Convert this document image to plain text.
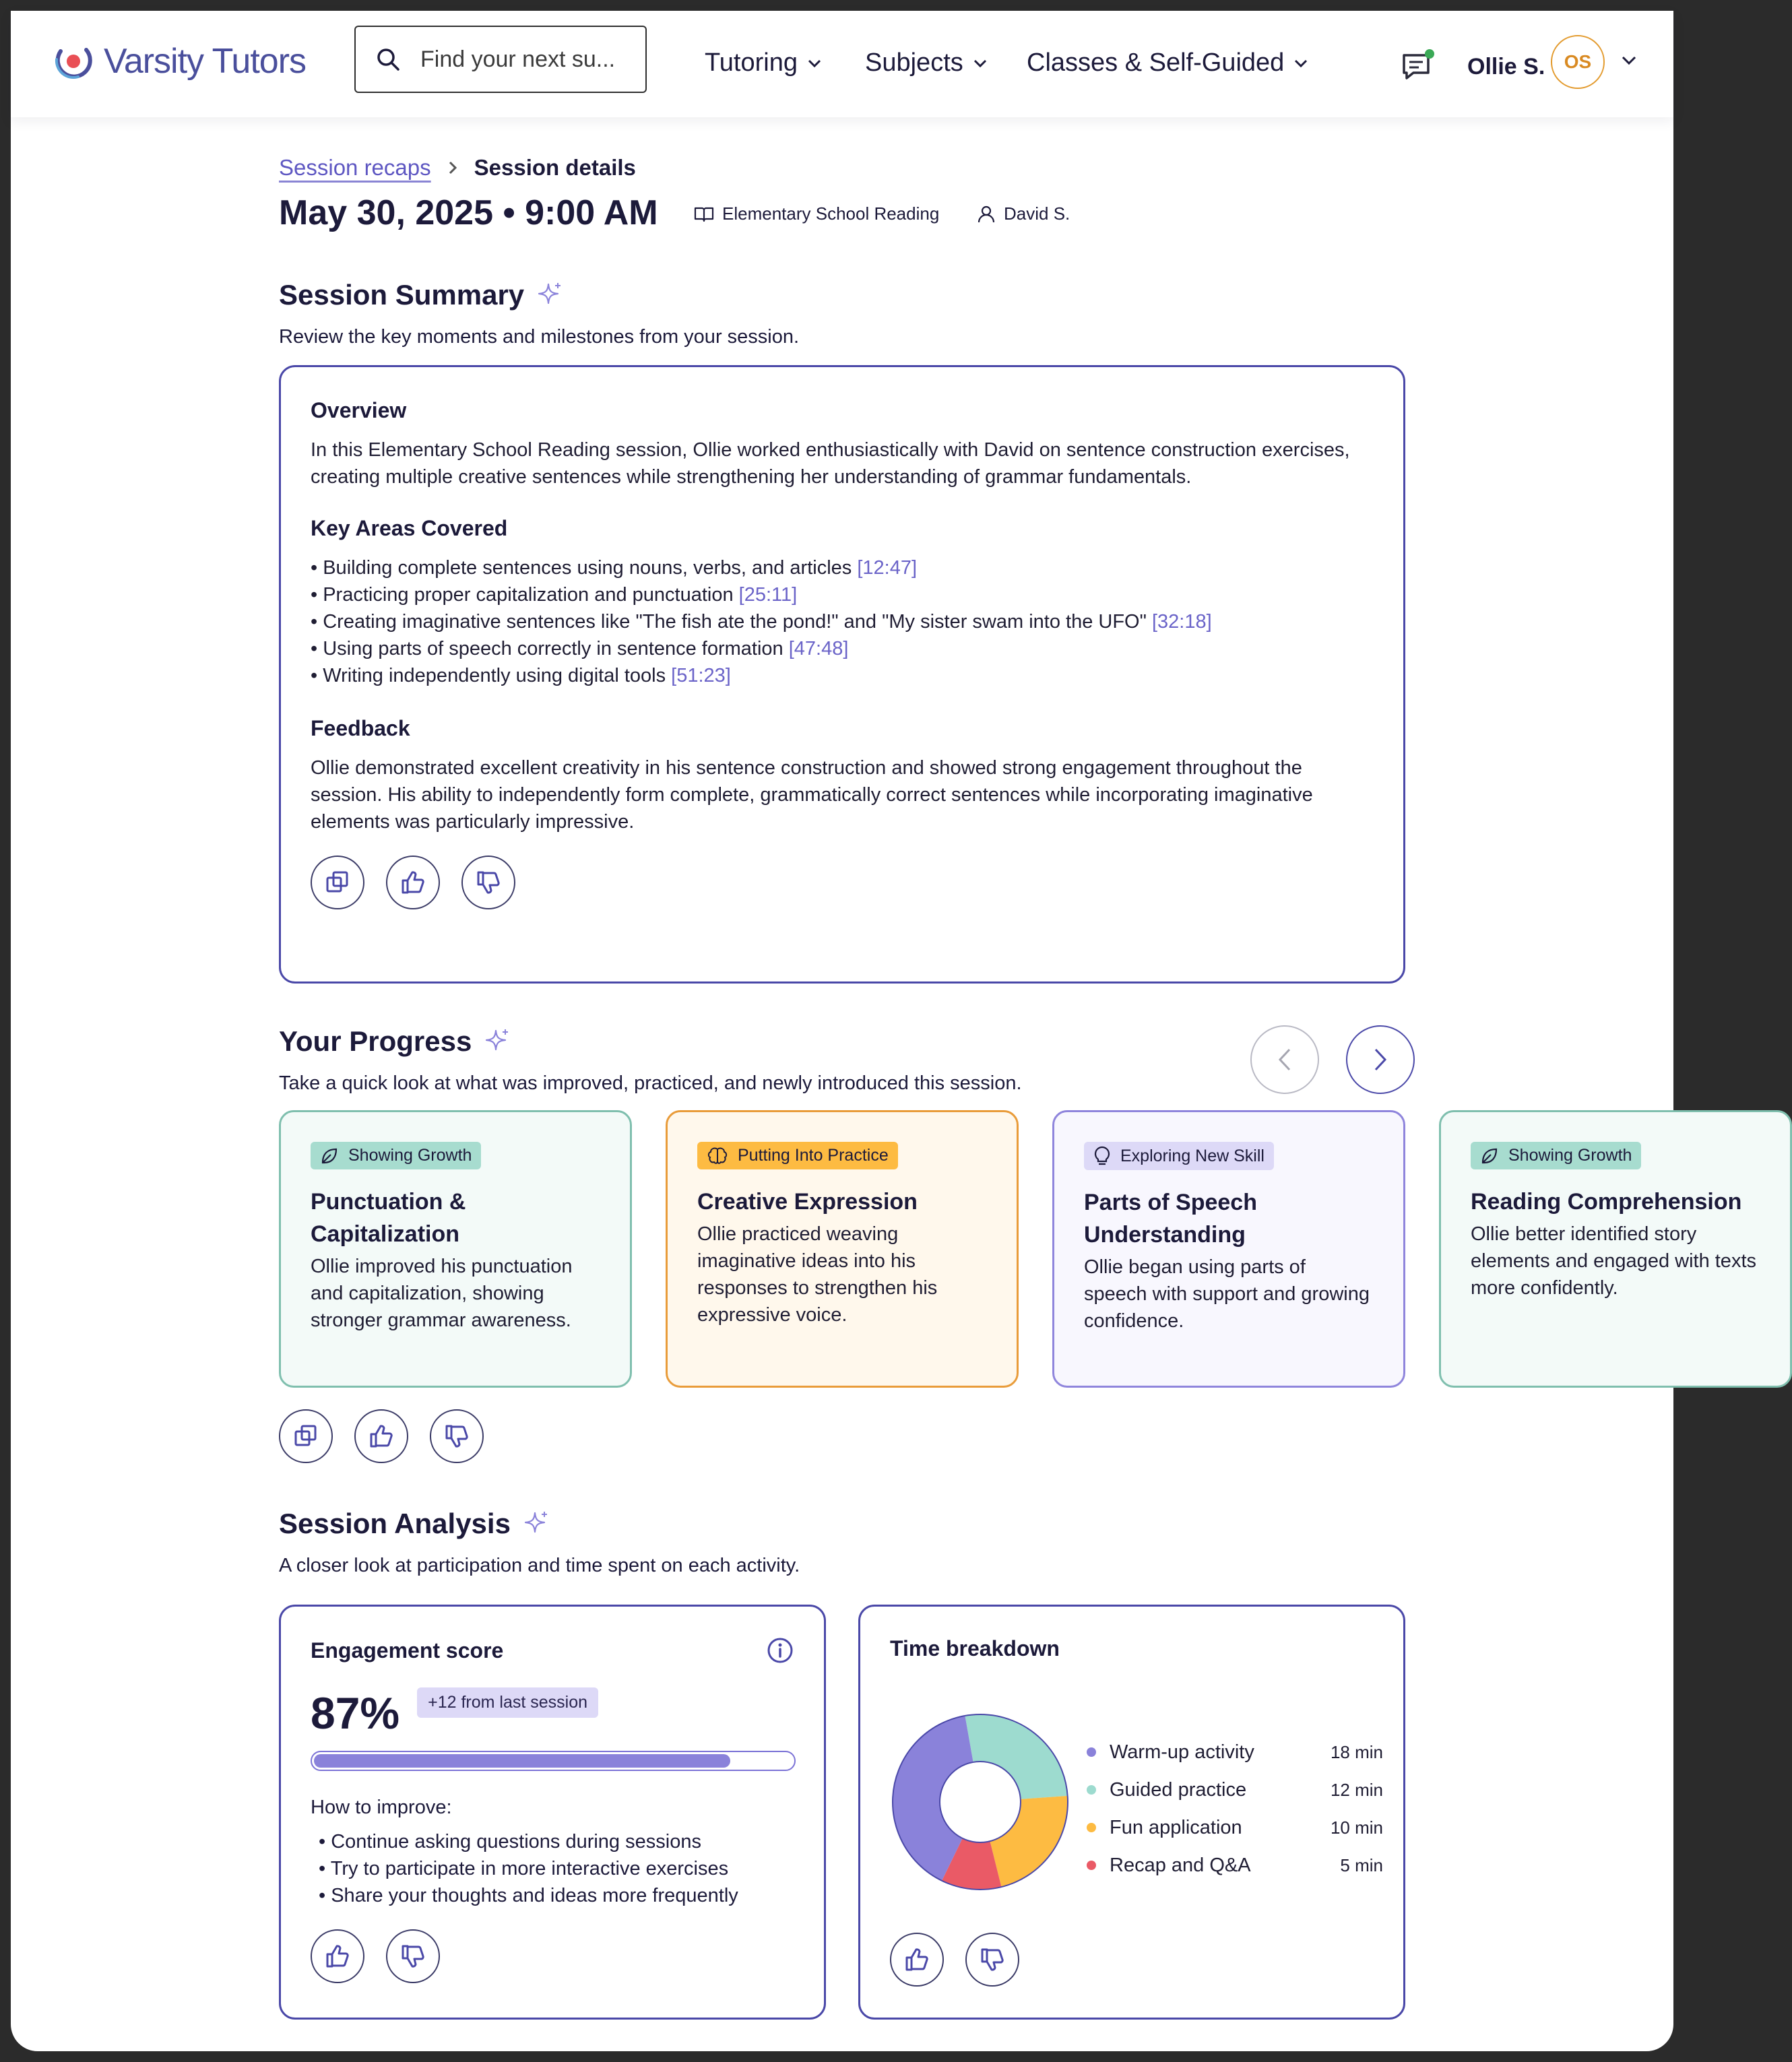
Varsity Tutors	Find your next su...	Tutoring	Subjects Classes & Self-Guided	Ollie S.	OS
Session recaps Session details
May 30, 2025 • 9:00 AM	Elementary School Reading	David S.
Session Summary
Review the key moments and milestones from your session.
Overview

In this Elementary School Reading session, Ollie worked enthusiastically with David on sentence construction exercises, creating multiple creative sentences while strengthening her understanding of grammar fundamentals.

Key Areas Covered
• Building complete sentences using nouns, verbs, and articles [12:47]
• Practicing proper capitalization and punctuation [25:11]
• Creating imaginative sentences like "The fish ate the pond!" and "My sister swam into the UFO" [32:18]
• Using parts of speech correctly in sentence formation [47:48]
• Writing independently using digital tools [51:23]
Feedback

Ollie demonstrated excellent creativity in his sentence construction and showed strong engagement throughout the session. His ability to independently form complete, grammatically correct sentences while incorporating imaginative elements was particularly impressive.

Your Progress
Take a quick look at what was improved, practiced, and newly introduced this session.
Showing Growth
Punctuation & Capitalization
Ollie improved his punctuation and capitalization, showing stronger grammar awareness.
Putting Into Practice
Creative Expression
Ollie practiced weaving imaginative ideas into his responses to strengthen his expressive voice.
Exploring New Skill
Parts of Speech Understanding
Ollie began using parts of speech with support and growing confidence.
Showing Growth
Reading Comprehension
Ollie better identified story elements and engaged with texts more confidently.
Session Analysis
A closer look at participation and time spent on each activity.
Engagement score
87%	+12 from last session
How to improve:
• Continue asking questions during sessions
• Try to participate in more interactive exercises
• Share your thoughts and ideas more frequently
Time breakdown
Warm-up activity	18 min
Guided practice	12 min
Fun application	10 min
Recap and Q&A	5 min
